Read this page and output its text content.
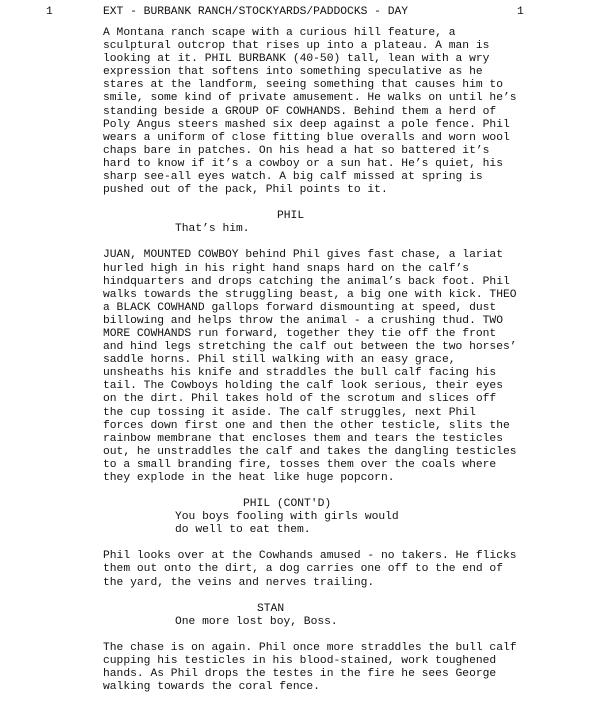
1	EXT - BURBANK RANCH/STOCKYARDS/PADDOCKS - DAY	1
A Montana ranch scape with a curious hill feature, a
sculptural outcrop that rises up into a plateau. A man is
looking at it. PHIL BURBANK (40-50) tall, lean with a wry
expression that softens into something speculative as he
stares at the landform, seeing something that causes him to
smile, some kind of private amusement. He walks on until he’s
standing beside a GROUP OF COWHANDS. Behind them a herd of
Poly Angus steers mashed six deep against a pole fence. Phil
wears a uniform of close fitting blue overalls and worn wool
chaps bare in patches. On his head a hat so battered it’s
hard to know if it’s a cowboy or a sun hat. He’s quiet, his
sharp see-all eyes watch. A big calf missed at spring is
pushed out of the pack, Phil points to it.
PHIL
That’s him.
JUAN, MOUNTED COWBOY behind Phil gives fast chase, a lariat
hurled high in his right hand snaps hard on the calf’s
hindquarters and drops catching the animal’s back foot. Phil
walks towards the struggling beast, a big one with kick. THEO
a BLACK COWHAND gallops forward dismounting at speed, dust
billowing and helps throw the animal - a crushing thud. TWO
MORE COWHANDS run forward, together they tie off the front
and hind legs stretching the calf out between the two horses’
saddle horns. Phil still walking with an easy grace,
unsheaths his knife and straddles the bull calf facing his
tail. The Cowboys holding the calf look serious, their eyes
on the dirt. Phil takes hold of the scrotum and slices off
the cup tossing it aside. The calf struggles, next Phil
forces down first one and then the other testicle, slits the
rainbow membrane that encloses them and tears the testicles
out, he unstraddles the calf and takes the dangling testicles
to a small branding fire, tosses them over the coals where
they explode in the heat like huge popcorn.
PHIL (CONT'D)
You boys fooling with girls would
do well to eat them.
Phil looks over at the Cowhands amused - no takers. He flicks
them out onto the dirt, a dog carries one off to the end of
the yard, the veins and nerves trailing.
STAN
One more lost boy, Boss.
The chase is on again. Phil once more straddles the bull calf
cupping his testicles in his blood-stained, work toughened
hands. As Phil drops the testes in the fire he sees George
walking towards the coral fence.
